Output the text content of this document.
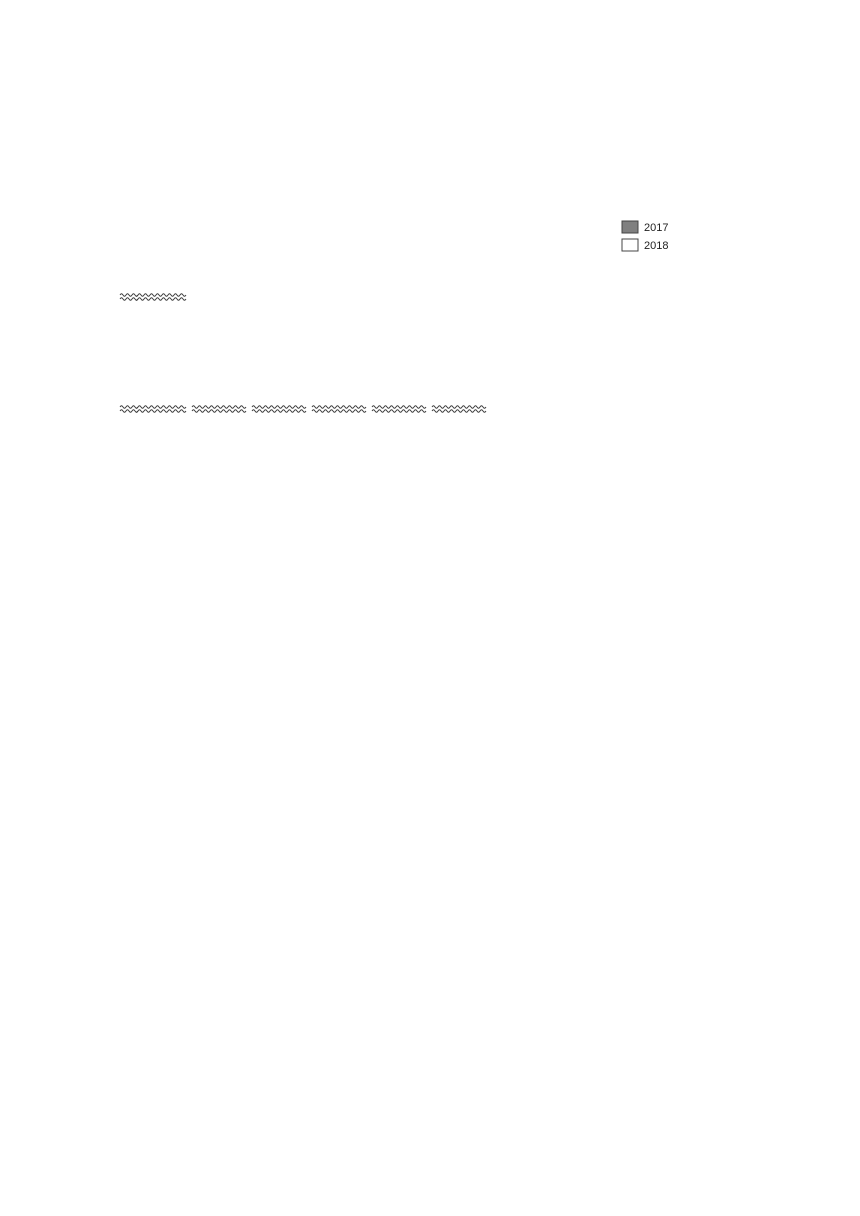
2017
2018
